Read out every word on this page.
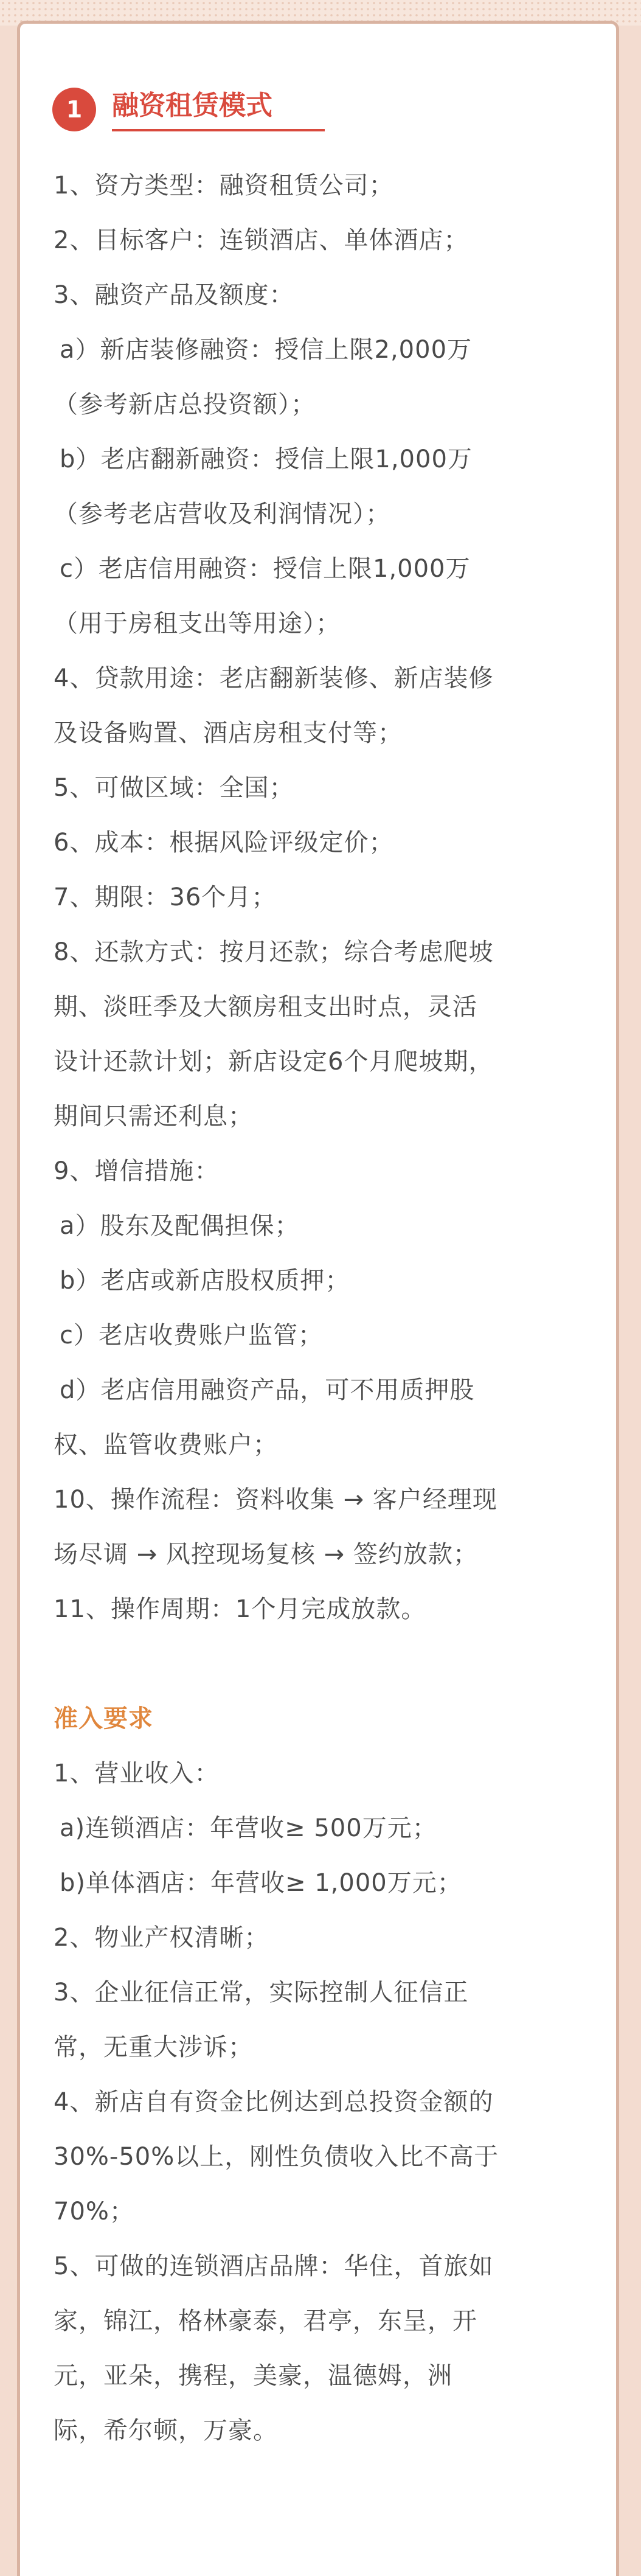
1	融资租赁模式

1、资方类型：融资租赁公司；

2、目标客户：连锁酒店、单体酒店；

3、融资产品及额度：

a）新店装修融资：授信上限2,000万

（参考新店总投资额）；

b）老店翻新融资：授信上限1,000万

（参考老店营收及利润情况）；

c）老店信用融资：授信上限1,000万

（用于房租支出等用途）；

4、贷款用途：老店翻新装修、新店装修

及设备购置、酒店房租支付等；

5、可做区域：全国；

6、成本：根据风险评级定价；

7、期限：36个月；

8、还款方式：按月还款；综合考虑爬坡

期、淡旺季及大额房租支出时点，灵活

设计还款计划；新店设定6个月爬坡期，

期间只需还利息；

9、增信措施：

a）股东及配偶担保；

b）老店或新店股权质押；

c）老店收费账户监管；

d）老店信用融资产品，可不用质押股

权、监管收费账户；

10、操作流程：资料收集 → 客户经理现

场尽调 → 风控现场复核 → 签约放款；

11、操作周期：1个月完成放款。

准入要求

1、营业收入：

a)连锁酒店：年营收≥ 500万元；

b)单体酒店：年营收≥ 1,000万元；

2、物业产权清晰；

3、企业征信正常，实际控制人征信正

常，无重大涉诉；

4、新店自有资金比例达到总投资金额的

30%-50%以上，刚性负债收入比不高于

70%；

5、可做的连锁酒店品牌：华住，首旅如

家，锦江，格林豪泰，君亭，东呈，开

元，亚朵，携程，美豪，温德姆，洲

际，希尔顿，万豪。
